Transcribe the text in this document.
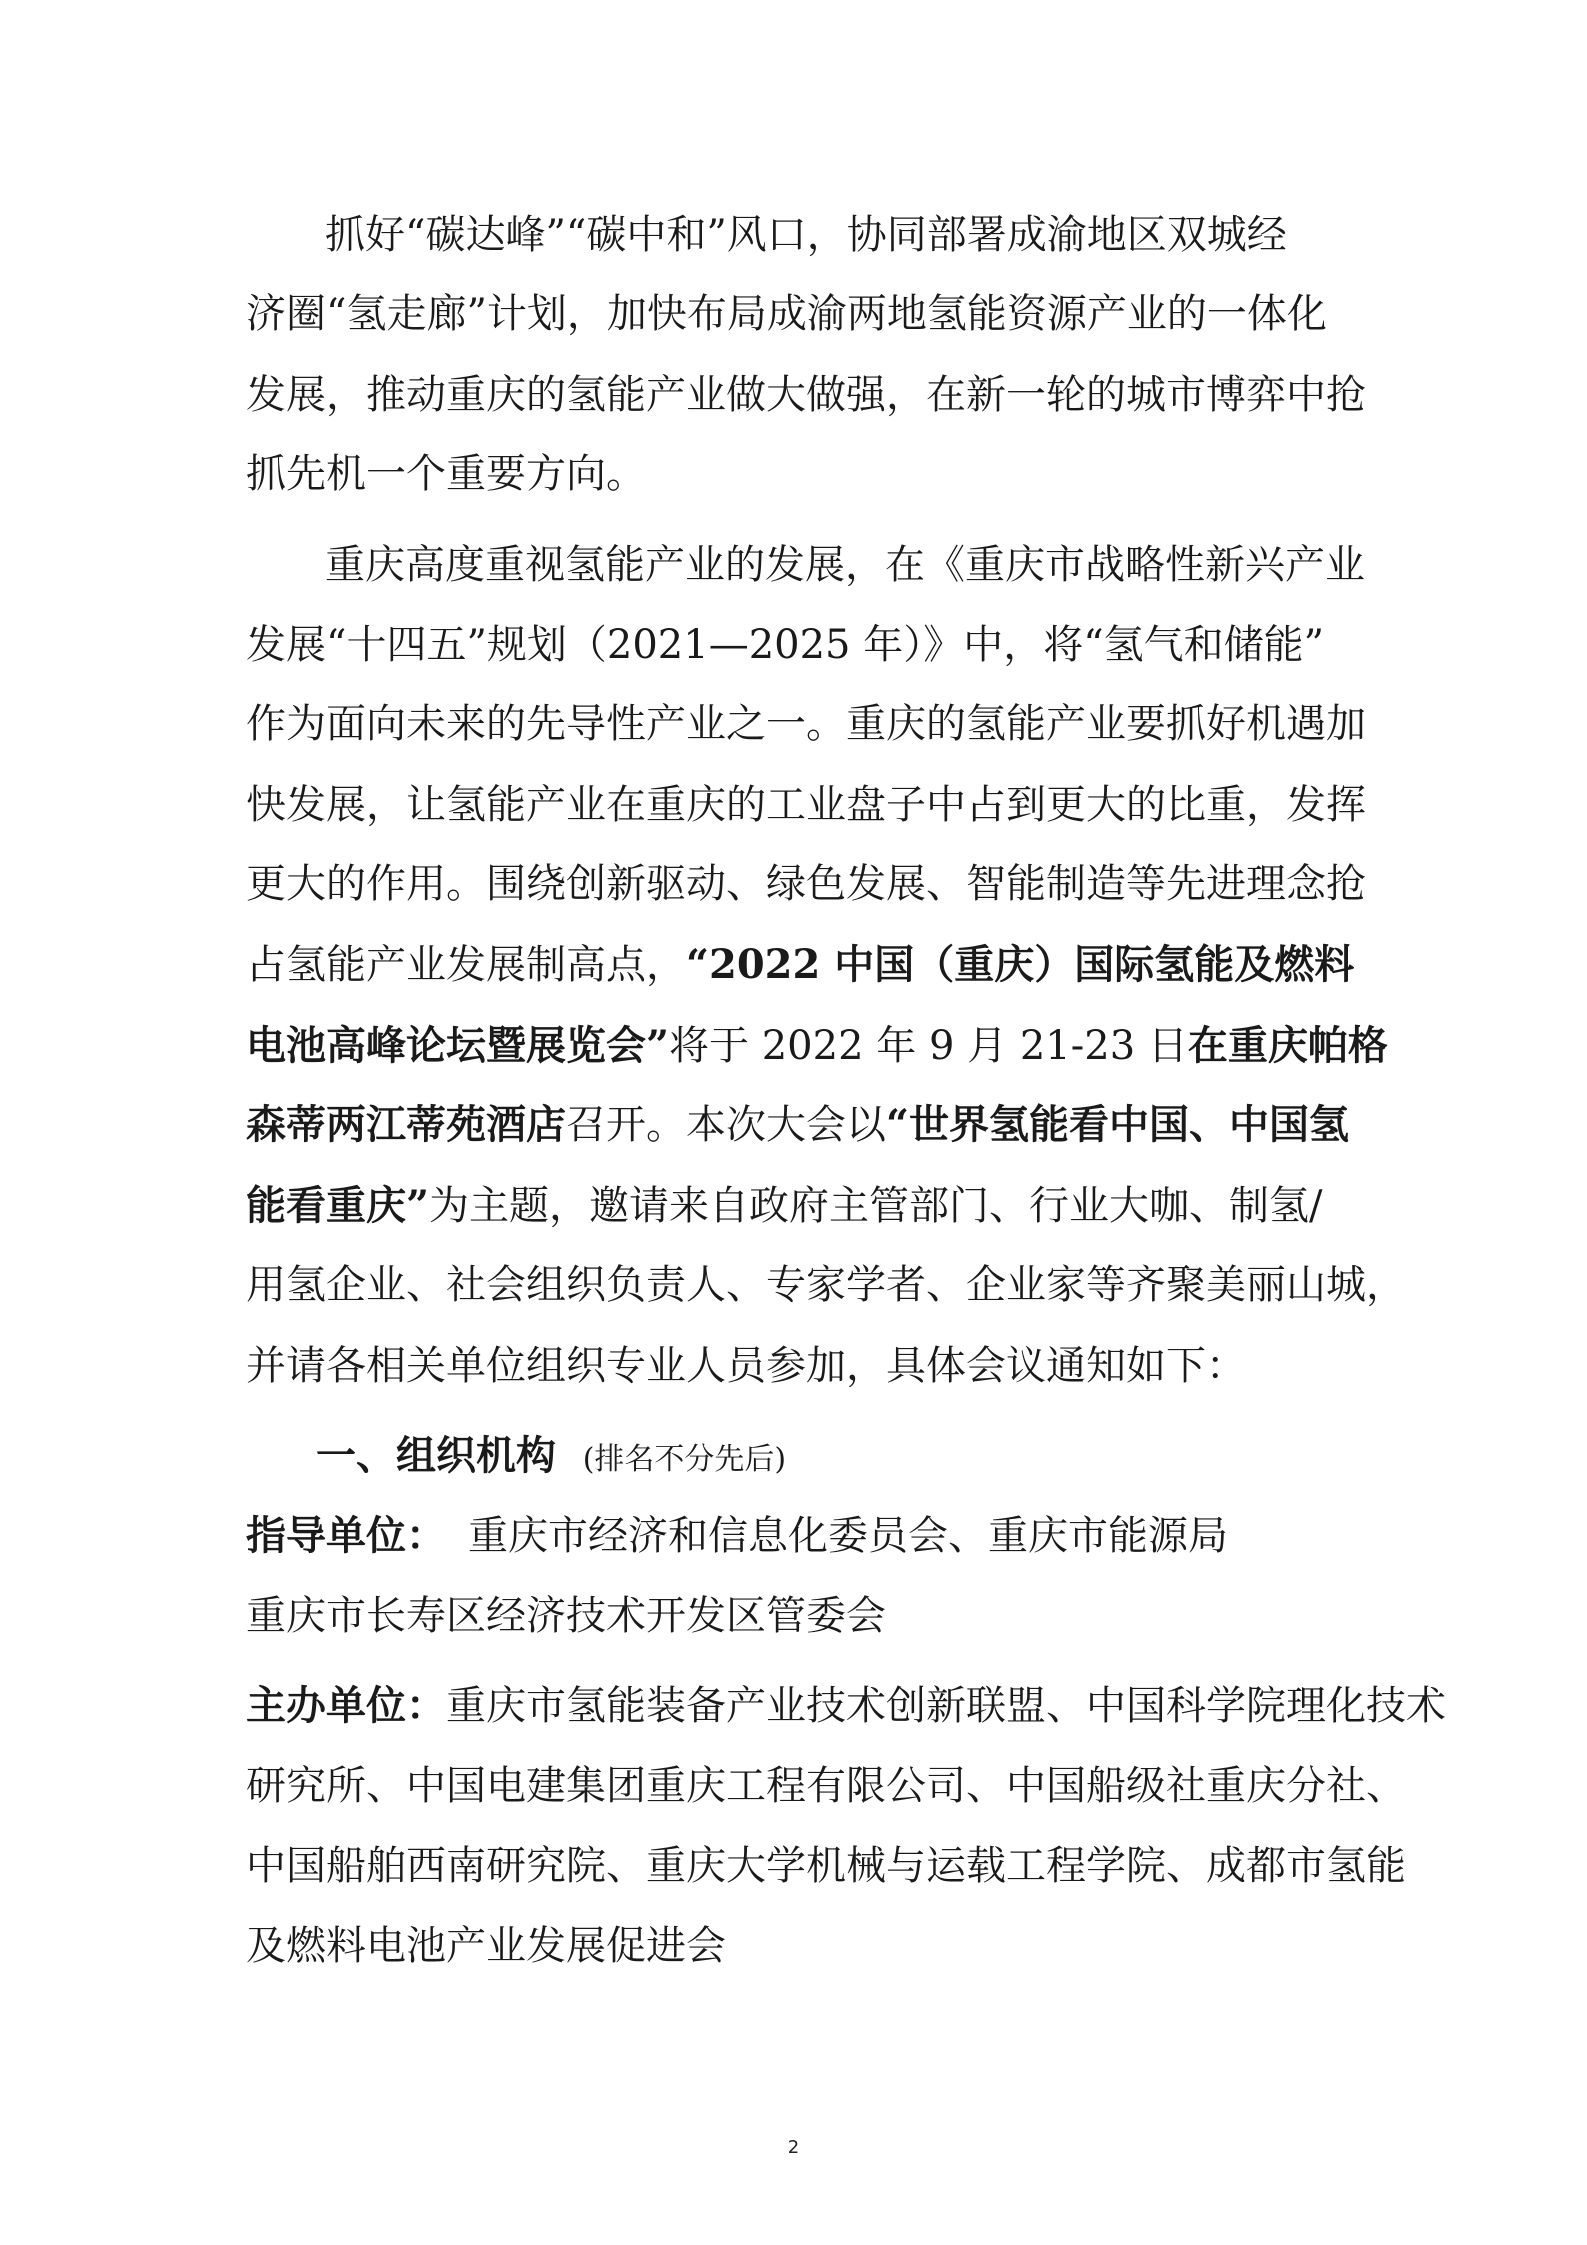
抓好“碳达峰”“碳中和”风口，协同部署成渝地区双城经
济圈“氢走廊”计划，加快布局成渝两地氢能资源产业的一体化
发展，推动重庆的氢能产业做大做强，在新一轮的城市博弈中抢
抓先机一个重要方向。
重庆高度重视氢能产业的发展，在《重庆市战略性新兴产业
发展“十四五”规划（2021—2025 年）》中，将“氢气和储能”
作为面向未来的先导性产业之一。重庆的氢能产业要抓好机遇加
快发展，让氢能产业在重庆的工业盘子中占到更大的比重，发挥
更大的作用。围绕创新驱动、绿色发展、智能制造等先进理念抢
占氢能产业发展制高点，“2022 中国（重庆）国际氢能及燃料
电池高峰论坛暨展览会”将于 2022 年 9 月 21-23 日在重庆帕格
森蒂两江蒂苑酒店召开。本次大会以“世界氢能看中国、中国氢
能看重庆”为主题，邀请来自政府主管部门、行业大咖、制氢/
用氢企业、社会组织负责人、专家学者、企业家等齐聚美丽山城，
并请各相关单位组织专业人员参加，具体会议通知如下：
一、组织机构 (排名不分先后)
指导单位： 重庆市经济和信息化委员会、重庆市能源局
重庆市长寿区经济技术开发区管委会
主办单位：重庆市氢能装备产业技术创新联盟、中国科学院理化技术
研究所、中国电建集团重庆工程有限公司、中国船级社重庆分社、
中国船舶西南研究院、重庆大学机械与运载工程学院、成都市氢能
及燃料电池产业发展促进会
2
